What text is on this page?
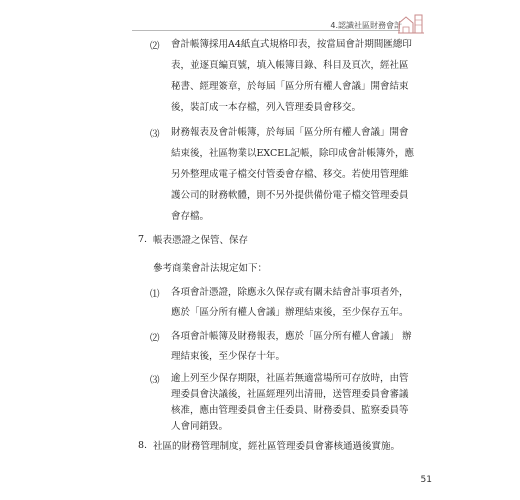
4.認識社區財務會計
⑵ 會計帳簿採用A4紙直式規格印表，按當屆會計期間匯總印
表，並逐頁編頁號，填入帳簿目錄、科目及頁次，經社區
秘書、經理簽章，於每屆「區分所有權人會議」開會結束
後，裝訂成一本存檔，列入管理委員會移交。
⑶ 財務報表及會計帳簿，於每屆「區分所有權人會議」開會
結束後，社區物業以EXCEL記帳，除印成會計帳簿外，應
另外整理成電子檔交付管委會存檔、移交。若使用管理維
護公司的財務軟體，則不另外提供備份電子檔交管理委員
會存檔。
7. 帳表憑證之保管、保存
參考商業會計法規定如下：
⑴ 各項會計憑證，除應永久保存或有關未結會計事項者外，
應於「區分所有權人會議」辦理結束後，至少保存五年。
⑵ 各項會計帳簿及財務報表，應於「區分所有權人會議」 辦
理結束後，至少保存十年。
⑶ 逾上列至少保存期限，社區若無適當場所可存放時，由管
理委員會決議後，社區經理列出清冊，送管理委員會審議
核准，應由管理委員會主任委員、財務委員、監察委員等
人會同銷毀。
8. 社區的財務管理制度，經社區管理委員會審核通過後實施。
51
